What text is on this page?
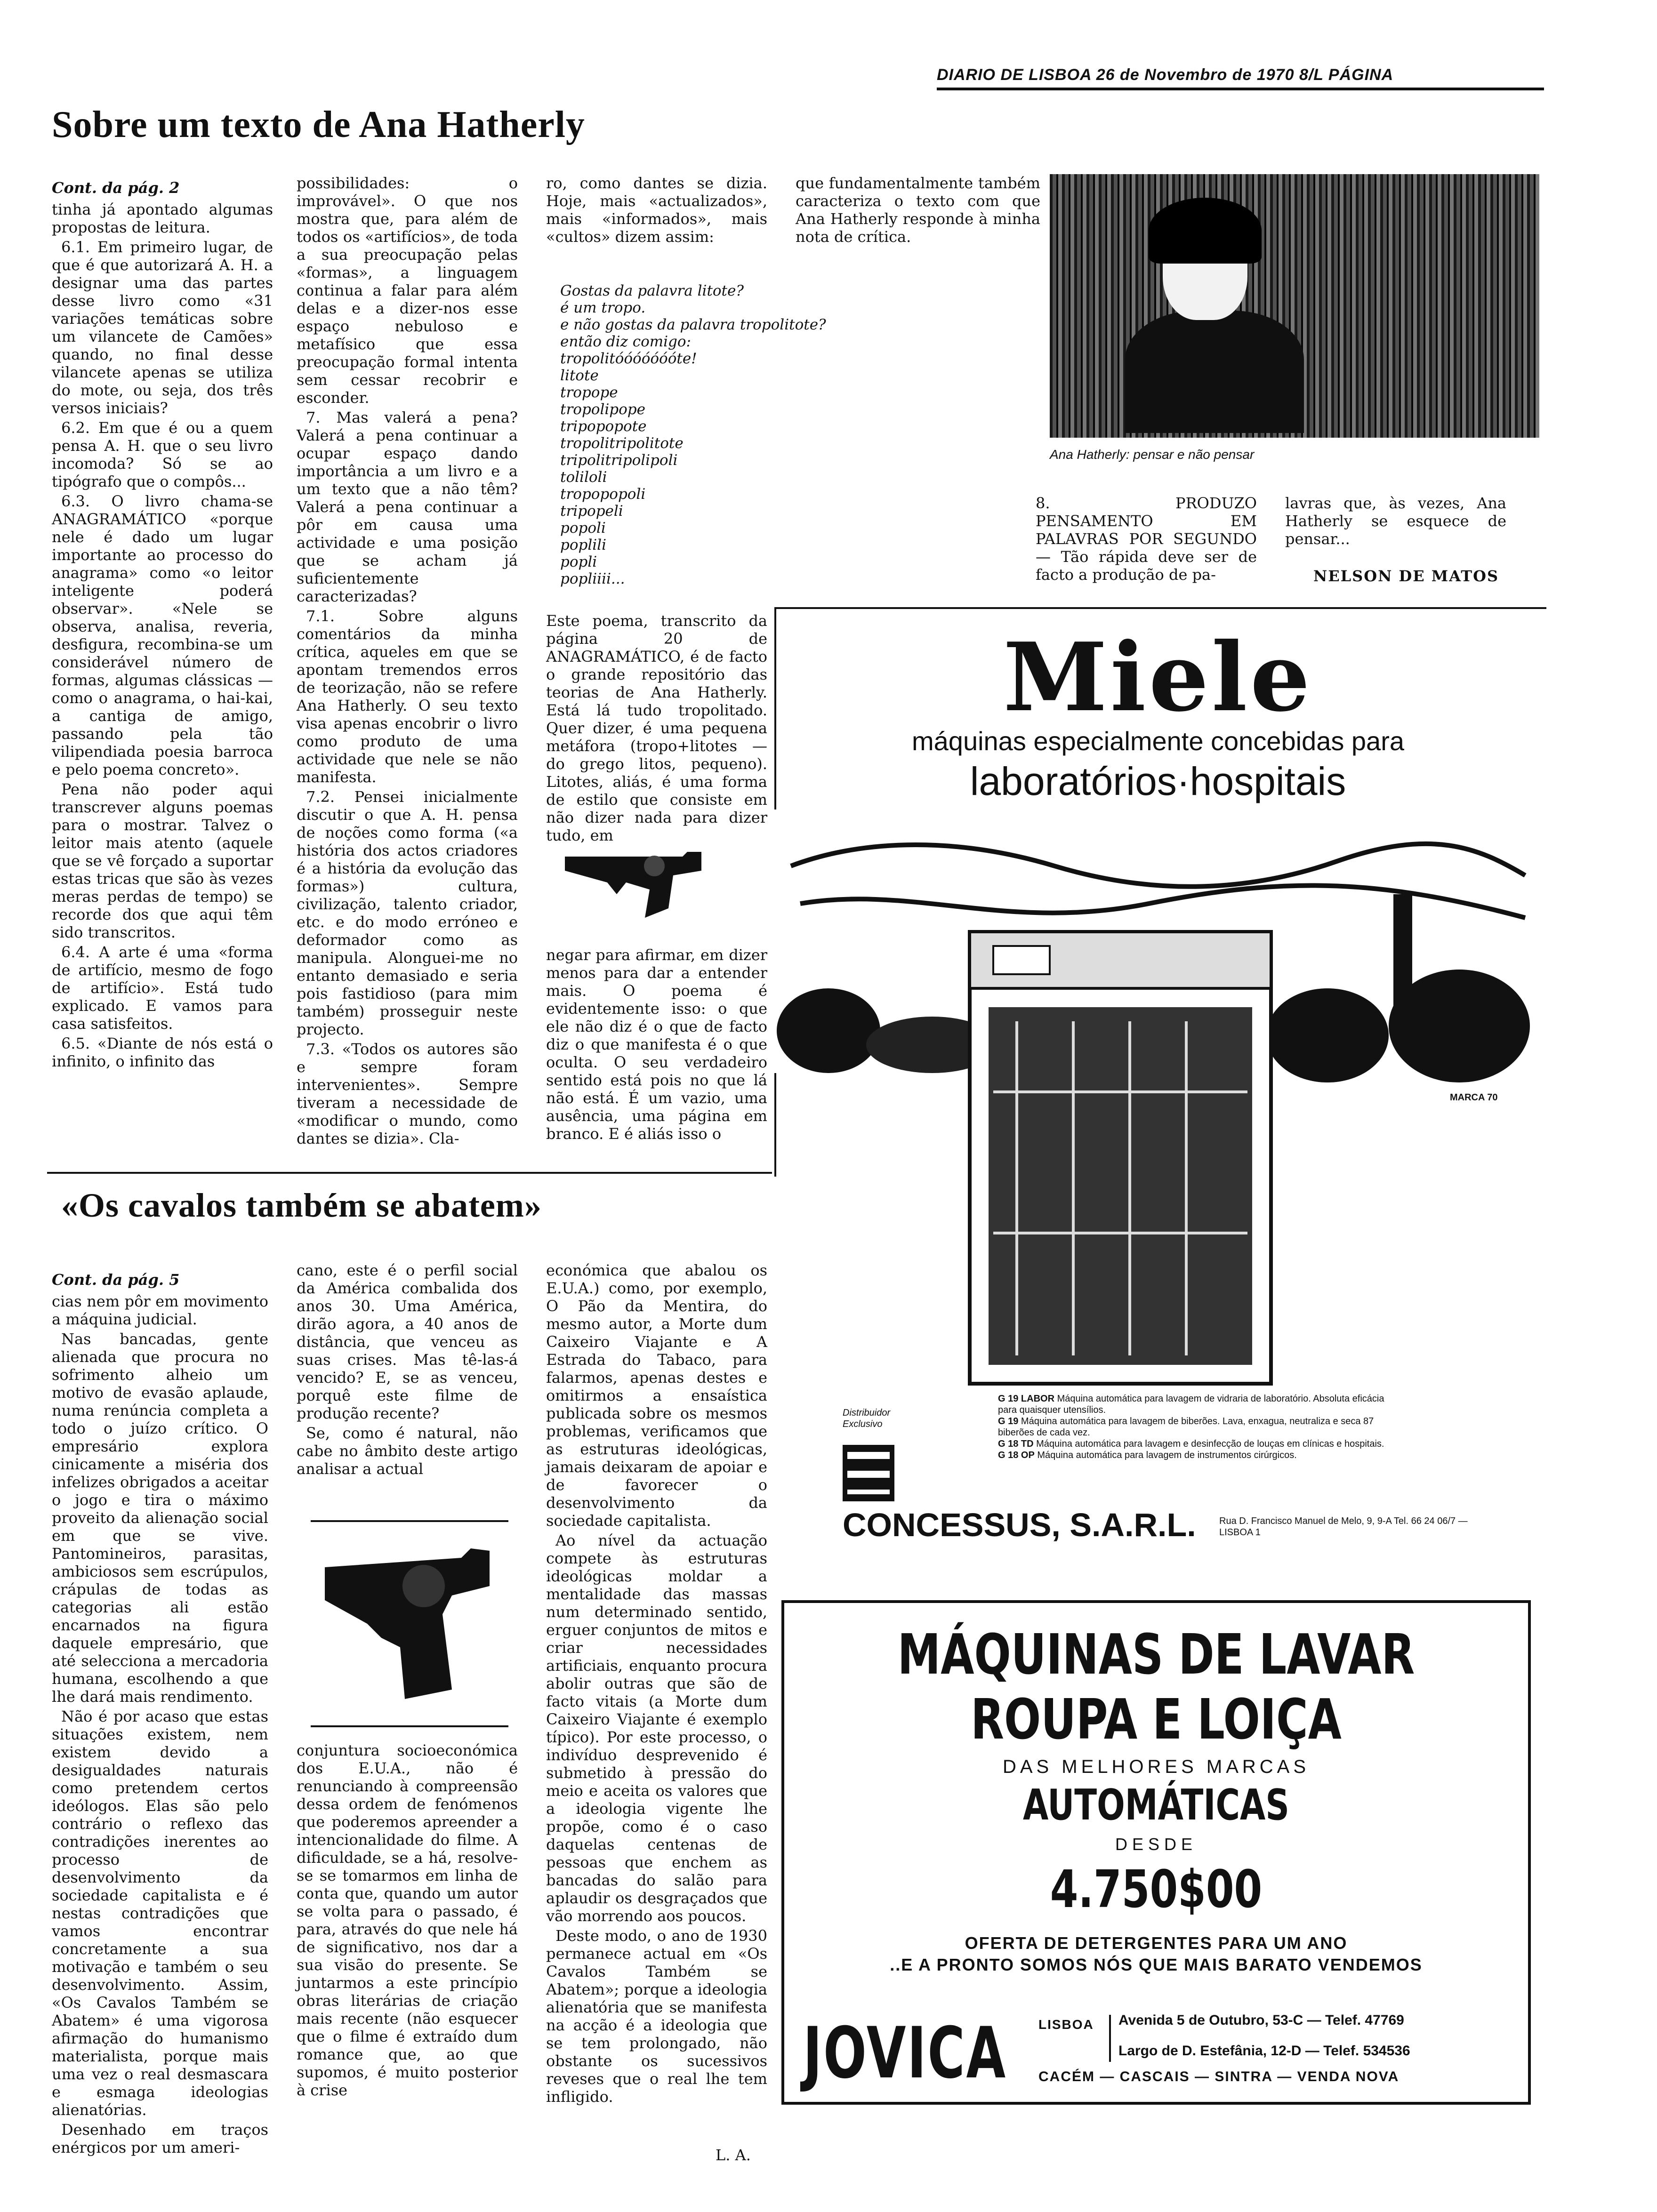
DIARIO DE LISBOA 26 de Novembro de 1970 8/L PÁGINA
Sobre um texto de Ana Hatherly

Cont. da pág. 2

tinha já apontado algumas propostas de leitura.

6.1. Em primeiro lugar, de que é que autorizará A. H. a designar uma das partes desse livro como «31 variações temáticas sobre um vilancete de Camões» quando, no final desse vilancete apenas se utiliza do mote, ou seja, dos três versos iniciais?

6.2. Em que é ou a quem pensa A. H. que o seu livro incomoda? Só se ao tipógrafo que o compôs...

6.3. O livro chama-se ANAGRAMÁTICO «porque nele é dado um lugar importante ao processo do anagrama» como «o leitor inteligente poderá observar». «Nele se observa, analisa, reveria, desfigura, recombina-se um considerável número de formas, algumas clássicas — como o anagrama, o hai-kai, a cantiga de amigo, passando pela tão vilipendiada poesia barroca e pelo poema concreto».

Pena não poder aqui transcrever alguns poemas para o mostrar. Talvez o leitor mais atento (aquele que se vê forçado a suportar estas tricas que são às vezes meras perdas de tempo) se recorde dos que aqui têm sido transcritos.

6.4. A arte é uma «forma de artifício, mesmo de fogo de artifício». Está tudo explicado. E vamos para casa satisfeitos.

6.5. «Diante de nós está o infinito, o infinito das

possibilidades: o improvável». O que nos mostra que, para além de todos os «artifícios», de toda a sua preocupação pelas «formas», a linguagem continua a falar para além delas e a dizer-nos esse espaço nebuloso e metafísico que essa preocupação formal intenta sem cessar recobrir e esconder.

7. Mas valerá a pena? Valerá a pena continuar a ocupar espaço dando importância a um livro e a um texto que a não têm? Valerá a pena continuar a pôr em causa uma actividade e uma posição que se acham já suficientemente caracterizadas?

7.1. Sobre alguns comentários da minha crítica, aqueles em que se apontam tremendos erros de teorização, não se refere Ana Hatherly. O seu texto visa apenas encobrir o livro como produto de uma actividade que nele se não manifesta.

7.2. Pensei inicialmente discutir o que A. H. pensa de noções como forma («a história dos actos criadores é a história da evolução das formas») cultura, civilização, talento criador, etc. e do modo erróneo e deformador como as manipula. Alonguei-me no entanto demasiado e seria pois fastidioso (para mim também) prosseguir neste projecto.

7.3. «Todos os autores são e sempre foram intervenientes». Sempre tiveram a necessidade de «modificar o mundo, como dantes se dizia». Cla-

ro, como dantes se dizia. Hoje, mais «actualizados», mais «informados», mais «cultos» dizem assim:

que fundamentalmente também caracteriza o texto com que Ana Hatherly responde à minha nota de crítica.

Gostas da palavra litote?
é um tropo.
e não gostas da palavra tropolitote?
então diz comigo:
tropolitóóóóóóóte!
litote
tropope
tropolipope
tripopopote
tropolitripolitote
tripolitripolipoli
toliloli
tropopopoli
tripopeli
popoli
poplili
popli
popliiii...
Ana Hatherly: pensar e não pensar

8. PRODUZO PENSAMENTO EM PALAVRAS POR SEGUNDO — Tão rápida deve ser de facto a produção de pa-

lavras que, às vezes, Ana Hatherly se esquece de pensar...

NELSON DE MATOS

Este poema, transcrito da página 20 de ANAGRAMÁTICO, é de facto o grande repositório das teorias de Ana Hatherly. Está lá tudo tropolitado. Quer dizer, é uma pequena metáfora (tropo+litotes — do grego litos, pequeno). Litotes, aliás, é uma forma de estilo que consiste em não dizer nada para dizer tudo, em

negar para afirmar, em dizer menos para dar a entender mais. O poema é evidentemente isso: o que ele não diz é o que de facto diz o que manifesta é o que oculta. O seu verdadeiro sentido está pois no que lá não está. É um vazio, uma ausência, uma página em branco. E é aliás isso o

«Os cavalos também se abatem»

Cont. da pág. 5

cias nem pôr em movimento a máquina judicial.

Nas bancadas, gente alienada que procura no sofrimento alheio um motivo de evasão aplaude, numa renúncia completa a todo o juízo crítico. O empresário explora cinicamente a miséria dos infelizes obrigados a aceitar o jogo e tira o máximo proveito da alienação social em que se vive. Pantomineiros, parasitas, ambiciosos sem escrúpulos, crápulas de todas as categorias ali estão encarnados na figura daquele empresário, que até selecciona a mercadoria humana, escolhendo a que lhe dará mais rendimento.

Não é por acaso que estas situações existem, nem existem devido a desigualdades naturais como pretendem certos ideólogos. Elas são pelo contrário o reflexo das contradições inerentes ao processo de desenvolvimento da sociedade capitalista e é nestas contradições que vamos encontrar concretamente a sua motivação e também o seu desenvolvimento. Assim, «Os Cavalos Também se Abatem» é uma vigorosa afirmação do humanismo materialista, porque mais uma vez o real desmascara e esmaga ideologias alienatórias.

Desenhado em traços enérgicos por um ameri-

cano, este é o perfil social da América combalida dos anos 30. Uma América, dirão agora, a 40 anos de distância, que venceu as suas crises. Mas tê-las-á vencido? E, se as venceu, porquê este filme de produção recente?

Se, como é natural, não cabe no âmbito deste artigo analisar a actual

conjuntura socioeconómica dos E.U.A., não é renunciando à compreensão dessa ordem de fenómenos que poderemos apreender a intencionalidade do filme. A dificuldade, se a há, resolve-se se tomarmos em linha de conta que, quando um autor se volta para o passado, é para, através do que nele há de significativo, nos dar a sua visão do presente. Se juntarmos a este princípio obras literárias de criação mais recente (não esquecer que o filme é extraído dum romance que, ao que supomos, é muito posterior à crise

económica que abalou os E.U.A.) como, por exemplo, O Pão da Mentira, do mesmo autor, a Morte dum Caixeiro Viajante e A Estrada do Tabaco, para falarmos, apenas destes e omitirmos a ensaística publicada sobre os mesmos problemas, verificamos que as estruturas ideológicas, jamais deixaram de apoiar e de favorecer o desenvolvimento da sociedade capitalista.

Ao nível da actuação compete às estruturas ideológicas moldar a mentalidade das massas num determinado sentido, erguer conjuntos de mitos e criar necessidades artificiais, enquanto procura abolir outras que são de facto vitais (a Morte dum Caixeiro Viajante é exemplo típico). Por este processo, o indivíduo desprevenido é submetido à pressão do meio e aceita os valores que a ideologia vigente lhe propõe, como é o caso daquelas centenas de pessoas que enchem as bancadas do salão para aplaudir os desgraçados que vão morrendo aos poucos.

Deste modo, o ano de 1930 permanece actual em «Os Cavalos Também se Abatem»; porque a ideologia alienatória que se manifesta na acção é a ideologia que se tem prolongado, não obstante os sucessivos reveses que o real lhe tem infligido.

L. A.
Miele
máquinas especialmente concebidas para
laboratórios·hospitais
MARCA 70
G 19 LABOR Máquina automática para lavagem de vidraria de laboratório. Absoluta eficácia para quaisquer utensílios.
G 19 Máquina automática para lavagem de biberões. Lava, enxagua, neutraliza e seca 87 biberões de cada vez.
G 18 TD Máquina automática para lavagem e desinfecção de louças em clínicas e hospitais.
G 18 OP Máquina automática para lavagem de instrumentos cirúrgicos.
Distribuidor Exclusivo
CONCESSUS, S.A.R.L. Rua D. Francisco Manuel de Melo, 9, 9-A Tel. 66 24 06/7 — LISBOA 1
MÁQUINAS DE LAVAR
ROUPA E LOIÇA
DAS MELHORES MARCAS
AUTOMÁTICAS
DESDE
4.750$00
OFERTA DE DETERGENTES PARA UM ANO
..E A PRONTO SOMOS NÓS QUE MAIS BARATO VENDEMOS
JOVICA LISBOA Avenida 5 de Outubro, 53-C — Telef. 47769
Largo de D. Estefânia, 12-D — Telef. 534536
CACÉM — CASCAIS — SINTRA — VENDA NOVA
